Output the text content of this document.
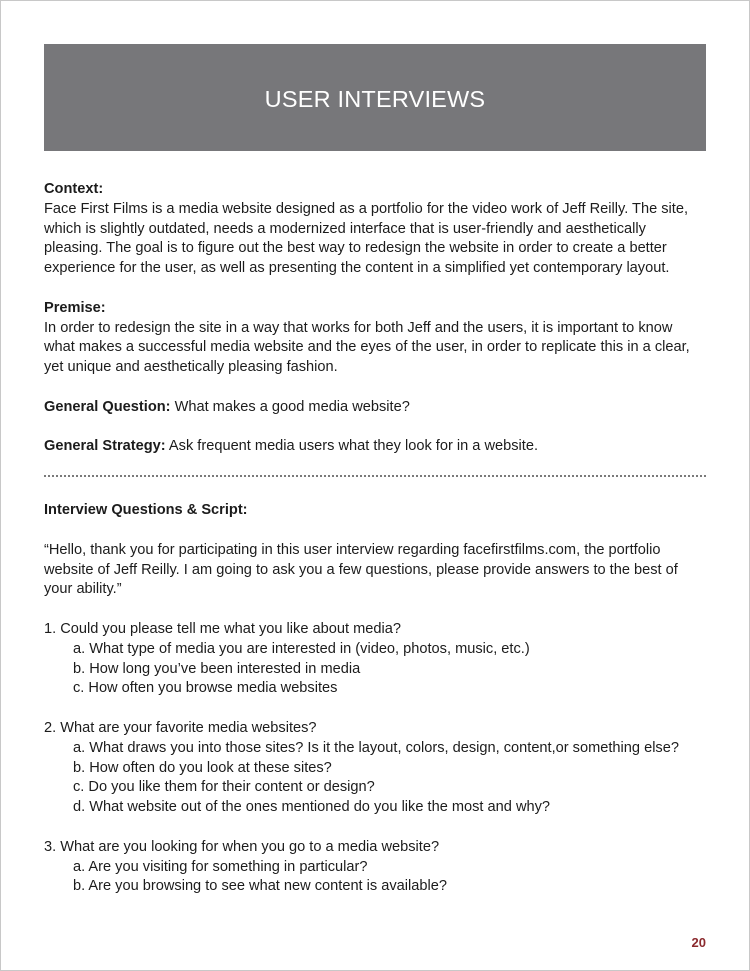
USER INTERVIEWS

Context:

Face First Films is a media website designed as a portfolio for the video work of Jeff Reilly. The site, which is slightly outdated, needs a modernized interface that is user-friendly and aesthetically pleasing. The goal is to figure out the best way to redesign the website in order to create a better experience for the user, as well as presenting the content in a simplified yet contemporary layout.

Premise:

In order to redesign the site in a way that works for both Jeff and the users, it is important to know what makes a successful media website and the eyes of the user, in order to replicate this in a clear, yet unique and aesthetically pleasing fashion.

General Question: What makes a good media website?

General Strategy: Ask frequent media users what they look for in a website.

Interview Questions & Script:

“Hello, thank you for participating in this user interview regarding facefirstfilms.com, the portfolio website of Jeff Reilly. I am going to ask you a few questions, please provide answers to the best of your ability.”

1. Could you please tell me what you like about media?

a. What type of media you are interested in (video, photos, music, etc.)

b. How long you’ve been interested in media

c. How often you browse media websites

2. What are your favorite media websites?

a. What draws you into those sites? Is it the layout, colors, design, content,or something else?

b. How often do you look at these sites?

c. Do you like them for their content or design?

d. What website out of the ones mentioned do you like the most and why?

3. What are you looking for when you go to a media website?

a. Are you visiting for something in particular?

b. Are you browsing to see what new content is available?

20
